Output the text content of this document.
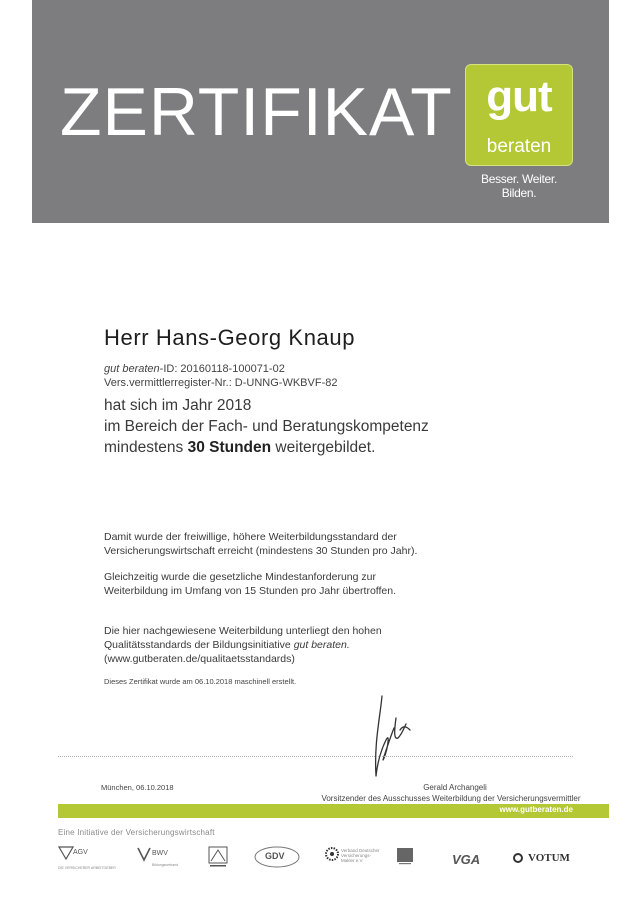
ZERTIFIKAT gut
beraten
Besser. Weiter. Bilden.
Herr Hans-Georg Knaup
gut beraten-ID: 20160118-100071-02
Vers.vermittlerregister-Nr.: D-UNNG-WKBVF-82
hat sich im Jahr 2018
im Bereich der Fach- und Beratungskompetenz
mindestens 30 Stunden weitergebildet.
Damit wurde der freiwillige, höhere Weiterbildungsstandard der
Versicherungswirtschaft erreicht (mindestens 30 Stunden pro Jahr).
Gleichzeitig wurde die gesetzliche Mindestanforderung zur
Weiterbildung im Umfang von 15 Stunden pro Jahr übertroffen.
Die hier nachgewiesene Weiterbildung unterliegt den hohen
Qualitätsstandards der Bildungsinitiative gut beraten.
(www.gutberaten.de/qualitaetsstandards)
Dieses Zertifikat wurde am 06.10.2018 maschinell erstellt.
München, 06.10.2018	Gerald Archangeli
Vorsitzender des Ausschusses Weiterbildung der Versicherungsvermittler
www.gutberaten.de
Eine Initiative der Versicherungswirtschaft
AGV
DIE VERSICHERER ARBEITGEBER
BWV
Bildungsverband
GDV
Verband Deutscher Versicherungs-Makler e.V.	VGA	VOTUM
